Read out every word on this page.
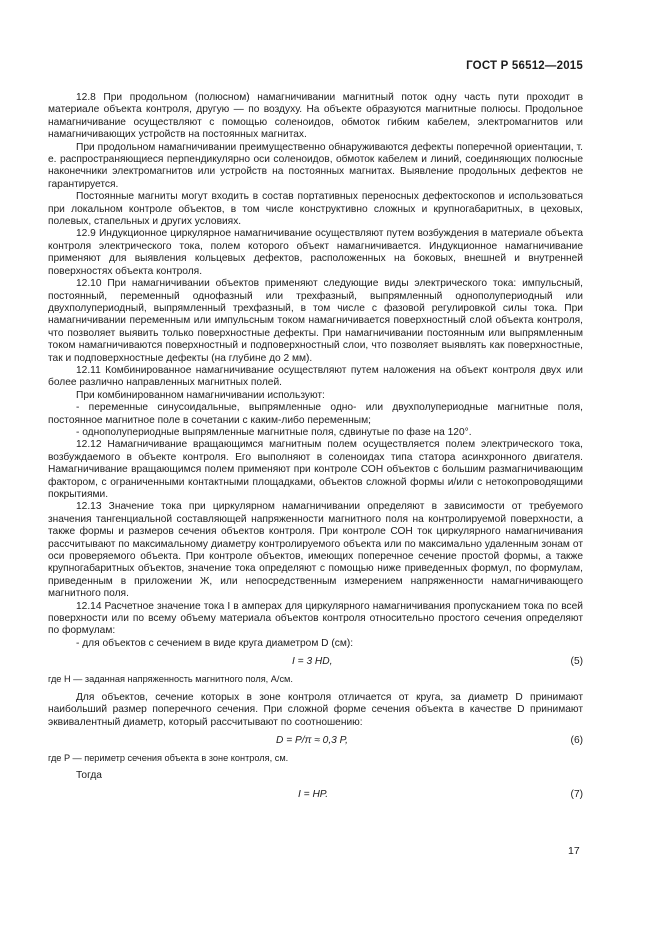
ГОСТ Р 56512—2015

12.8 При продольном (полюсном) намагничивании магнитный поток одну часть пути проходит в материале объекта контроля, другую — по воздуху. На объекте образуются магнитные полюсы. Продольное намагничивание осуществляют с помощью соленоидов, обмоток гибким кабелем, электромагнитов или намагничивающих устройств на постоянных магнитах.

При продольном намагничивании преимущественно обнаруживаются дефекты поперечной ориентации, т. е. распространяющиеся перпендикулярно оси соленоидов, обмоток кабелем и линий, соединяющих полюсные наконечники электромагнитов или устройств на постоянных магнитах. Выявление продольных дефектов не гарантируется.

Постоянные магниты могут входить в состав портативных переносных дефектоскопов и использоваться при локальном контроле объектов, в том числе конструктивно сложных и крупногабаритных, в цеховых, полевых, стапельных и других условиях.

12.9 Индукционное циркулярное намагничивание осуществляют путем возбуждения в материале объекта контроля электрического тока, полем которого объект намагничивается. Индукционное намагничивание применяют для выявления кольцевых дефектов, расположенных на боковых, внешней и внутренней поверхностях объекта контроля.

12.10 При намагничивании объектов применяют следующие виды электрического тока: импульсный, постоянный, переменный однофазный или трехфазный, выпрямленный однополупериодный или двухполупериодный, выпрямленный трехфазный, в том числе с фазовой регулировкой силы тока. При намагничивании переменным или импульсным током намагничивается поверхностный слой объекта контроля, что позволяет выявить только поверхностные дефекты. При намагничивании постоянным или выпрямленным током намагничиваются поверхностный и подповерхностный слои, что позволяет выявлять как поверхностные, так и подповерхностные дефекты (на глубине до 2 мм).

12.11 Комбинированное намагничивание осуществляют путем наложения на объект контроля двух или более различно направленных магнитных полей.

При комбинированном намагничивании используют:

- переменные синусоидальные, выпрямленные одно- или двухполупериодные магнитные поля, постоянное магнитное поле в сочетании с каким-либо переменным;

- однополупериодные выпрямленные магнитные поля, сдвинутые по фазе на 120°.

12.12 Намагничивание вращающимся магнитным полем осуществляется полем электрического тока, возбуждаемого в объекте контроля. Его выполняют в соленоидах типа статора асинхронного двигателя. Намагничивание вращающимся полем применяют при контроле СОН объектов с большим размагничивающим фактором, с ограниченными контактными площадками, объектов сложной формы и/или с нетокопроводящими покрытиями.

12.13 Значение тока при циркулярном намагничивании определяют в зависимости от требуемого значения тангенциальной составляющей напряженности магнитного поля на контролируемой поверхности, а также формы и размеров сечения объектов контроля. При контроле СОН ток циркулярного намагничивания рассчитывают по максимальному диаметру контролируемого объекта или по максимально удаленным зонам от оси проверяемого объекта. При контроле объектов, имеющих поперечное сечение простой формы, а также крупногабаритных объектов, значение тока определяют с помощью ниже приведенных формул, по формулам, приведенным в приложении Ж, или непосредственным измерением напряженности намагничивающего магнитного поля.

12.14 Расчетное значение тока I в амперах для циркулярного намагничивания пропусканием тока по всей поверхности или по всему объему материала объектов контроля относительно простого сечения определяют по формулам:

- для объектов с сечением в виде круга диаметром D (см):

I = 3 HD,	(5)

где H — заданная напряженность магнитного поля, А/см.

Для объектов, сечение которых в зоне контроля отличается от круга, за диаметр D принимают наибольший размер поперечного сечения. При сложной форме сечения объекта в качестве D принимают эквивалентный диаметр, который рассчитывают по соотношению:

D = P/π ≈ 0,3 P,	(6)

где P — периметр сечения объекта в зоне контроля, см.

Тогда

I = HP.	(7)
17
